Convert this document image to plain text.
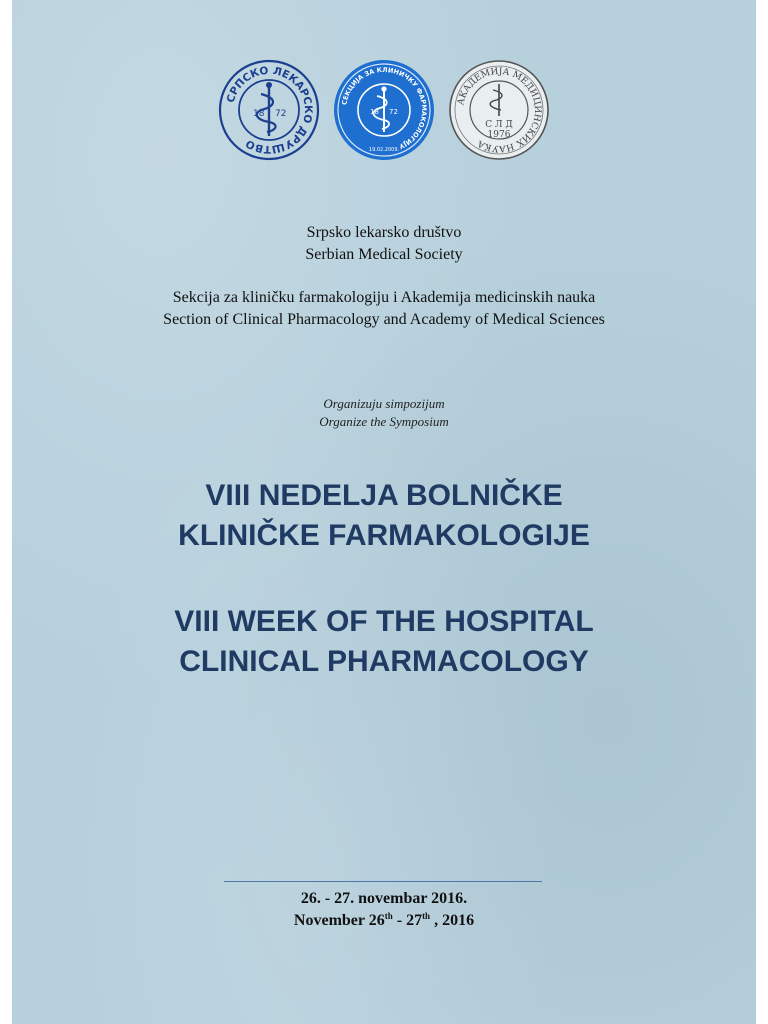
СРПСКО ЛЕКАРСКО ДРУШТВО
18 72
СЕКЦИЈА ЗА КЛИНИЧКУ ФАРМАКОЛОГИЈУ
18 72
19.02.2009.
АКАДЕМИЈА МЕДИЦИНСКИХ НАУКА
С Л Д
1976
Srpsko lekarsko društvo
Serbian Medical Society
Sekcija za kliničku farmakologiju i Akademija medicinskih nauka
Section of Clinical Pharmacology and Academy of Medical Sciences
Organizuju simpozijum
Organize the Symposium
VIII NEDELJA BOLNIČKE
KLINIČKE FARMAKOLOGIJE
VIII WEEK OF THE HOSPITAL
CLINICAL PHARMACOLOGY
26. - 27. novembar 2016.
November 26th - 27th , 2016
